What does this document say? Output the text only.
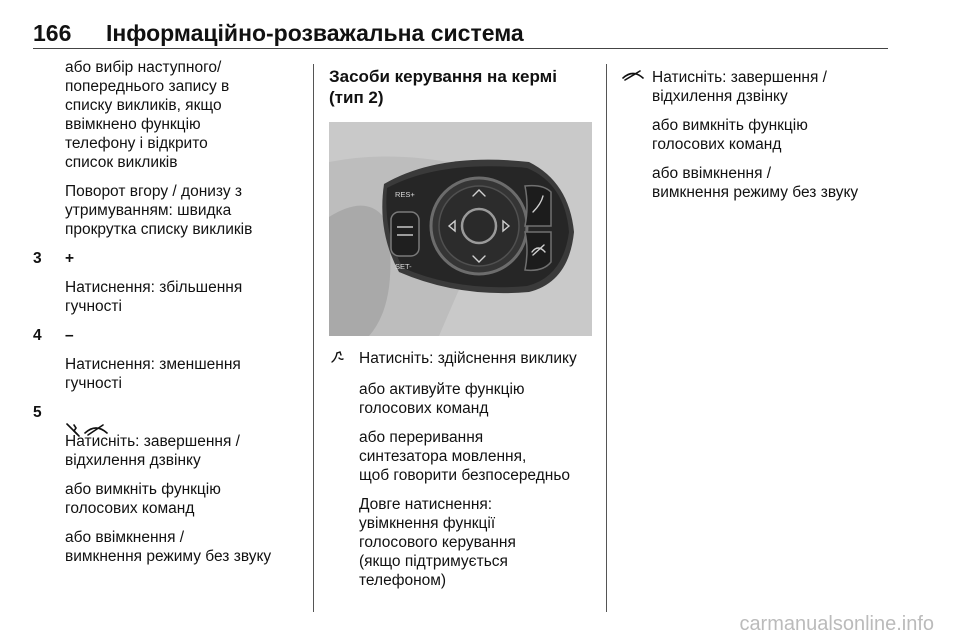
166 Інформаційно-розважальна система
або вибір наступного/
попереднього запису в
списку викликів, якщо
ввімкнено функцію
телефону і відкрито
список викликів
Поворот вгору / донизу з
утримуванням: швидка
прокрутка списку викликів
3 +
Натиснення: збільшення
гучності
4 –
Натиснення: зменшення
гучності
5

Натисніть: завершення /
відхилення дзвінку
або вимкніть функцію
голосових команд
або ввімкнення /
вимкнення режиму без звуку
Засоби керування на кермі
(тип 2)
RES+
SET-
Натисніть: здійснення виклику
або активуйте функцію
голосових команд
або переривання
синтезатора мовлення,
щоб говорити безпосередньо
Довге натиснення:
увімкнення функції
голосового керування
(якщо підтримується
телефоном)
Натисніть: завершення /
відхилення дзвінку
або вимкніть функцію
голосових команд
або ввімкнення /
вимкнення режиму без звуку
carmanualsonline.info
